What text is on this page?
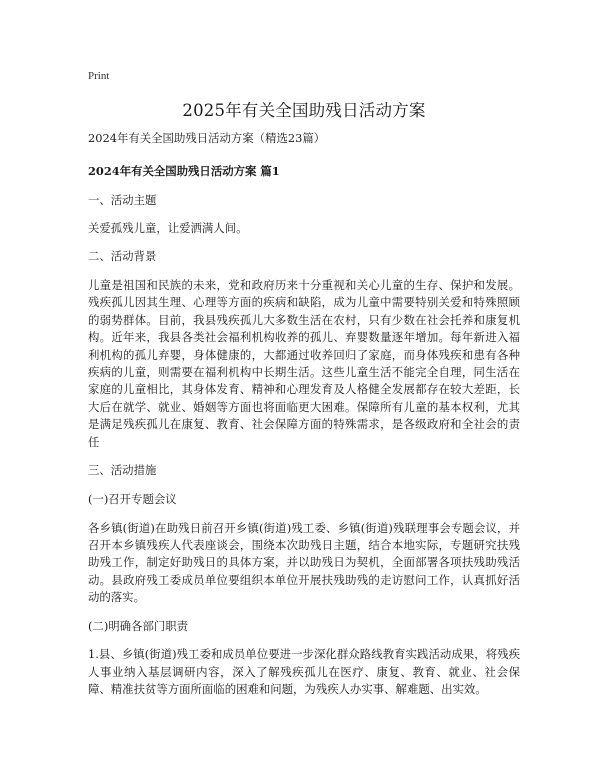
Print
2025年有关全国助残日活动方案

2024年有关全国助残日活动方案（精选23篇）

2024年有关全国助残日活动方案 篇1

一、活动主题

关爱孤残儿童，让爱洒满人间。

二、活动背景

儿童是祖国和民族的未来，党和政府历来十分重视和关心儿童的生存、保护和发展。残疾孤儿因其生理、心理等方面的疾病和缺陷，成为儿童中需要特别关爱和特殊照顾的弱势群体。目前，我县残疾孤儿大多数生活在农村，只有少数在社会托养和康复机构。近年来，我县各类社会福利机构收养的孤儿、弃婴数量逐年增加。每年新进入福利机构的孤儿弃婴，身体健康的，大都通过收养回归了家庭，而身体残疾和患有各种疾病的儿童，则需要在福利机构中长期生活。这些儿童生活不能完全自理，同生活在家庭的儿童相比，其身体发育、精神和心理发育及人格健全发展都存在较大差距，长大后在就学、就业、婚姻等方面也将面临更大困难。保障所有儿童的基本权利，尤其是满足残疾孤儿在康复、教育、社会保障方面的特殊需求，是各级政府和全社会的责任

三、活动措施

(一)召开专题会议

各乡镇(街道)在助残日前召开乡镇(街道)残工委、乡镇(街道)残联理事会专题会议，并召开本乡镇残疾人代表座谈会，围绕本次助残日主题，结合本地实际，专题研究扶残助残工作，制定好助残日的具体方案，并以助残日为契机，全面部署各项扶残助残活动。县政府残工委成员单位要组织本单位开展扶残助残的走访慰问工作，认真抓好活动的落实。

(二)明确各部门职责

1.县、乡镇(街道)残工委和成员单位要进一步深化群众路线教育实践活动成果，将残疾人事业纳入基层调研内容，深入了解残疾孤儿在医疗、康复、教育、就业、社会保障、精准扶贫等方面所面临的困难和问题，为残疾人办实事、解难题、出实效。
